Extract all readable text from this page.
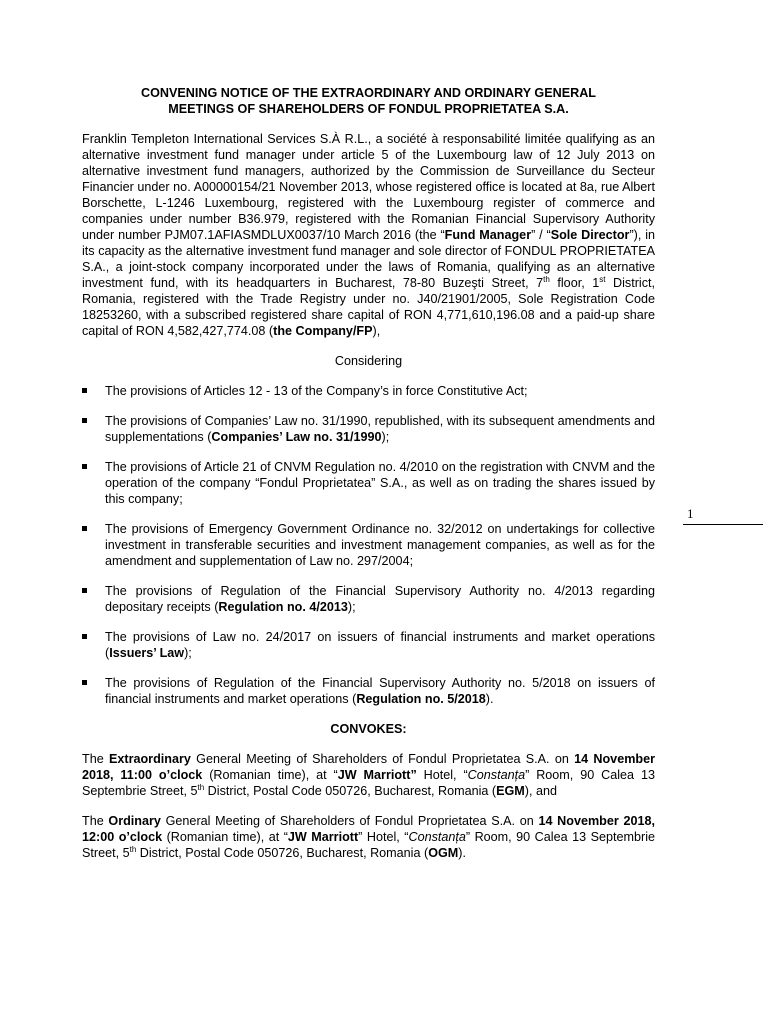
CONVENING NOTICE OF THE EXTRAORDINARY AND ORDINARY GENERAL
MEETINGS OF SHAREHOLDERS OF FONDUL PROPRIETATEA S.A.

Franklin Templeton International Services S.À R.L., a société à responsabilité limitée qualifying as an alternative investment fund manager under article 5 of the Luxembourg law of 12 July 2013 on alternative investment fund managers, authorized by the Commission de Surveillance du Secteur Financier under no. A00000154/21 November 2013, whose registered office is located at 8a, rue Albert Borschette, L-1246 Luxembourg, registered with the Luxembourg register of commerce and companies under number B36.979, registered with the Romanian Financial Supervisory Authority under number PJM07.1AFIASMDLUX0037/10 March 2016 (the “Fund Manager” / “Sole Director”), in its capacity as the alternative investment fund manager and sole director of FONDUL PROPRIETATEA S.A., a joint-stock company incorporated under the laws of Romania, qualifying as an alternative investment fund, with its headquarters in Bucharest, 78-80 Buzeşti Street, 7th floor, 1st District, Romania, registered with the Trade Registry under no. J40/21901/2005, Sole Registration Code 18253260, with a subscribed registered share capital of RON 4,771,610,196.08 and a paid-up share capital of RON 4,582,427,774.08 (the Company/FP),

Considering

The provisions of Articles 12 - 13 of the Company’s in force Constitutive Act;
The provisions of Companies’ Law no. 31/1990, republished, with its subsequent amendments and supplementations (Companies’ Law no. 31/1990);
The provisions of Article 21 of CNVM Regulation no. 4/2010 on the registration with CNVM and the operation of the company “Fondul Proprietatea” S.A., as well as on trading the shares issued by this company;
The provisions of Emergency Government Ordinance no. 32/2012 on undertakings for collective investment in transferable securities and investment management companies, as well as for the amendment and supplementation of Law no. 297/2004;
The provisions of Regulation of the Financial Supervisory Authority no. 4/2013 regarding depositary receipts (Regulation no. 4/2013);
The provisions of Law no. 24/2017 on issuers of financial instruments and market operations (Issuers’ Law);
The provisions of Regulation of the Financial Supervisory Authority no. 5/2018 on issuers of financial instruments and market operations (Regulation no. 5/2018).

CONVOKES:

The Extraordinary General Meeting of Shareholders of Fondul Proprietatea S.A. on 14 November 2018, 11:00 o’clock (Romanian time), at “JW Marriott” Hotel, “Constanța” Room, 90 Calea 13 Septembrie Street, 5th District, Postal Code 050726, Bucharest, Romania (EGM), and

The Ordinary General Meeting of Shareholders of Fondul Proprietatea S.A. on 14 November 2018, 12:00 o’clock (Romanian time), at “JW Marriott” Hotel, “Constanța” Room, 90 Calea 13 Septembrie Street, 5th District, Postal Code 050726, Bucharest, Romania (OGM).

1
